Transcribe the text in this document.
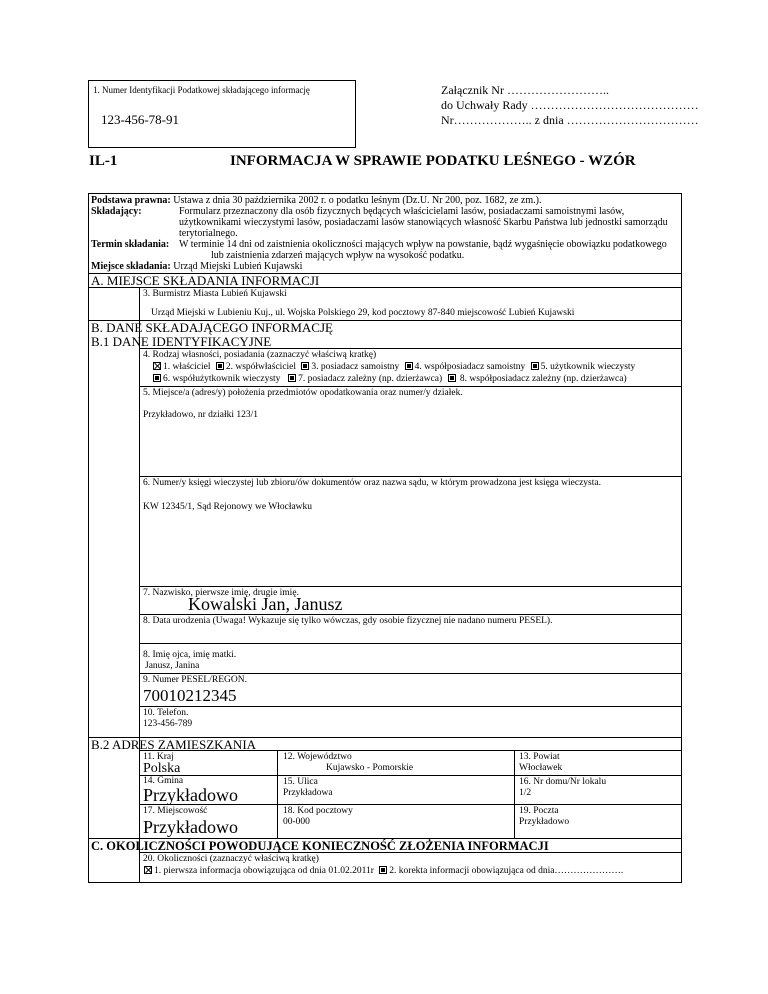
1. Numer Identyfikacji Podatkowej składającego informację
123-456-78-91
Załącznik Nr ……………………..
do Uchwały Rady ……………………………………
Nr……………….. z dnia ……………………………
IL-1	INFORMACJA W SPRAWIE PODATKU LEŚNEGO - WZÓR
Podstawa prawna: Ustawa z dnia 30 października 2002 r. o podatku leśnym (Dz.U. Nr 200, poz. 1682, ze zm.).
Składający:	Formularz przeznaczony dla osób fizycznych będących właścicielami lasów, posiadaczami samoistnymi lasów,
użytkownikami wieczystymi lasów, posiadaczami lasów stanowiących własność Skarbu Państwa lub jednostki samorządu
terytorialnego.
Termin składania: W terminie 14 dni od zaistnienia okoliczności mających wpływ na powstanie, bądź wygaśnięcie obowiązku podatkowego
lub zaistnienia zdarzeń mających wpływ na wysokość podatku.
Miejsce składania: Urząd Miejski Lubień Kujawski
A. MIEJSCE SKŁADANIA INFORMACJI
3. Burmistrz Miasta Lubień Kujawski
Urząd Miejski w Lubieniu Kuj., ul. Wojska Polskiego 29, kod pocztowy 87-840 miejscowość Lubień Kujawski
B. DANE SKŁADAJĄCEGO INFORMACJĘ
B.1 DANE IDENTYFIKACYJNE
4. Rodzaj własności, posiadania (zaznaczyć właściwą kratkę)
1. właściciel 2. współwłaściciel 3. posiadacz samoistny 4. współposiadacz samoistny 5. użytkownik wieczysty
6. współużytkownik wieczysty 7. posiadacz zależny (np. dzierżawca) 8. współposiadacz zależny (np. dzierżawca)
5. Miejsce/a (adres/y) położenia przedmiotów opodatkowania oraz numer/y działek.
Przykładowo, nr działki 123/1
6. Numer/y księgi wieczystej lub zbioru/ów dokumentów oraz nazwa sądu, w którym prowadzona jest księga wieczysta.
KW 12345/1, Sąd Rejonowy we Włocławku
7. Nazwisko, pierwsze imię, drugie imię.
Kowalski Jan, Janusz
8. Data urodzenia (Uwaga! Wykazuje się tylko wówczas, gdy osobie fizycznej nie nadano numeru PESEL).
8. Imię ojca, imię matki.
Janusz, Janina
9. Numer PESEL/REGON.
70010212345
10. Telefon.
123-456-789
B.2 ADRES ZAMIESZKANIA
11. Kraj
Polska
12. Województwo
Kujawsko - Pomorskie
13. Powiat
Włocławek
14. Gmina
Przykładowo
15. Ulica
Przykładowa
16. Nr domu/Nr lokalu
1/2
17. Miejscowość
Przykładowo
18. Kod pocztowy
00-000
19. Poczta
Przykładowo
C. OKOLICZNOŚCI POWODUJĄCE KONIECZNOŚĆ ZŁOŻENIA INFORMACJI
20. Okoliczności (zaznaczyć właściwą kratkę)
1. pierwsza informacja obowiązująca od dnia 01.02.2011r 2. korekta informacji obowiązująca od dnia………………….
